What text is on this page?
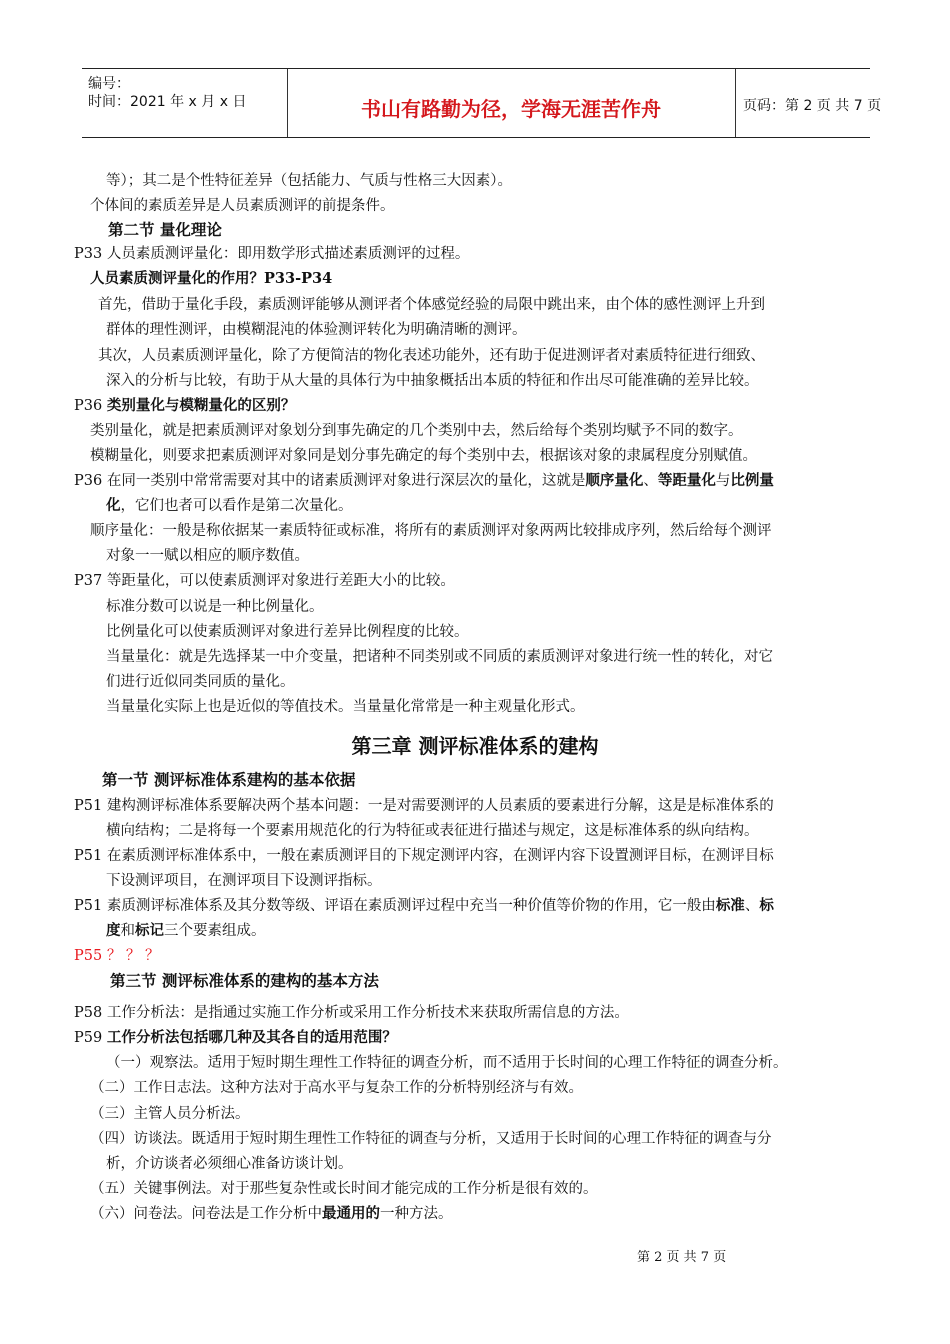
编号：
时间：2021 年 x 月 x 日	书山有路勤为径，学海无涯苦作舟	页码：第 2 页 共 7 页
等）；其二是个性特征差异（包括能力、气质与性格三大因素）。
个体间的素质差异是人员素质测评的前提条件。
第二节 量化理论
P33 人员素质测评量化：即用数学形式描述素质测评的过程。
人员素质测评量化的作用？P33-P34
首先，借助于量化手段，素质测评能够从测评者个体感觉经验的局限中跳出来，由个体的感性测评上升到
群体的理性测评，由模糊混沌的体验测评转化为明确清晰的测评。
其次，人员素质测评量化，除了方便简洁的物化表述功能外，还有助于促进测评者对素质特征进行细致、
深入的分析与比较，有助于从大量的具体行为中抽象概括出本质的特征和作出尽可能准确的差异比较。
P36 类别量化与模糊量化的区别？
类别量化，就是把素质测评对象划分到事先确定的几个类别中去，然后给每个类别均赋予不同的数字。
模糊量化，则要求把素质测评对象同是划分事先确定的每个类别中去，根据该对象的隶属程度分别赋值。
P36 在同一类别中常常需要对其中的诸素质测评对象进行深层次的量化，这就是顺序量化、等距量化与比例量
化，它们也者可以看作是第二次量化。
顺序量化：一般是称依据某一素质特征或标准，将所有的素质测评对象两两比较排成序列，然后给每个测评
对象一一赋以相应的顺序数值。
P37 等距量化，可以使素质测评对象进行差距大小的比较。
标准分数可以说是一种比例量化。
比例量化可以使素质测评对象进行差异比例程度的比较。
当量量化：就是先选择某一中介变量，把诸种不同类别或不同质的素质测评对象进行统一性的转化，对它
们进行近似同类同质的量化。
当量量化实际上也是近似的等值技术。当量量化常常是一种主观量化形式。
第三章 测评标准体系的建构
第一节 测评标准体系建构的基本依据
P51 建构测评标准体系要解决两个基本问题：一是对需要测评的人员素质的要素进行分解，这是是标准体系的
横向结构；二是将每一个要素用规范化的行为特征或表征进行描述与规定，这是标准体系的纵向结构。
P51 在素质测评标准体系中，一般在素质测评目的下规定测评内容，在测评内容下设置测评目标，在测评目标
下设测评项目，在测评项目下设测评指标。
P51 素质测评标准体系及其分数等级、评语在素质测评过程中充当一种价值等价物的作用，它一般由标准、标
度和标记三个要素组成。
P55 ？ ？ ？
第三节 测评标准体系的建构的基本方法
P58 工作分析法：是指通过实施工作分析或采用工作分析技术来获取所需信息的方法。
P59 工作分析法包括哪几种及其各自的适用范围？
（一）观察法。适用于短时期生理性工作特征的调查分析，而不适用于长时间的心理工作特征的调查分析。
（二）工作日志法。这种方法对于高水平与复杂工作的分析特别经济与有效。
（三）主管人员分析法。
（四）访谈法。既适用于短时期生理性工作特征的调查与分析，又适用于长时间的心理工作特征的调查与分
析，介访谈者必须细心准备访谈计划。
（五）关键事例法。对于那些复杂性或长时间才能完成的工作分析是很有效的。
（六）问卷法。问卷法是工作分析中最通用的一种方法。
第 2 页 共 7 页
